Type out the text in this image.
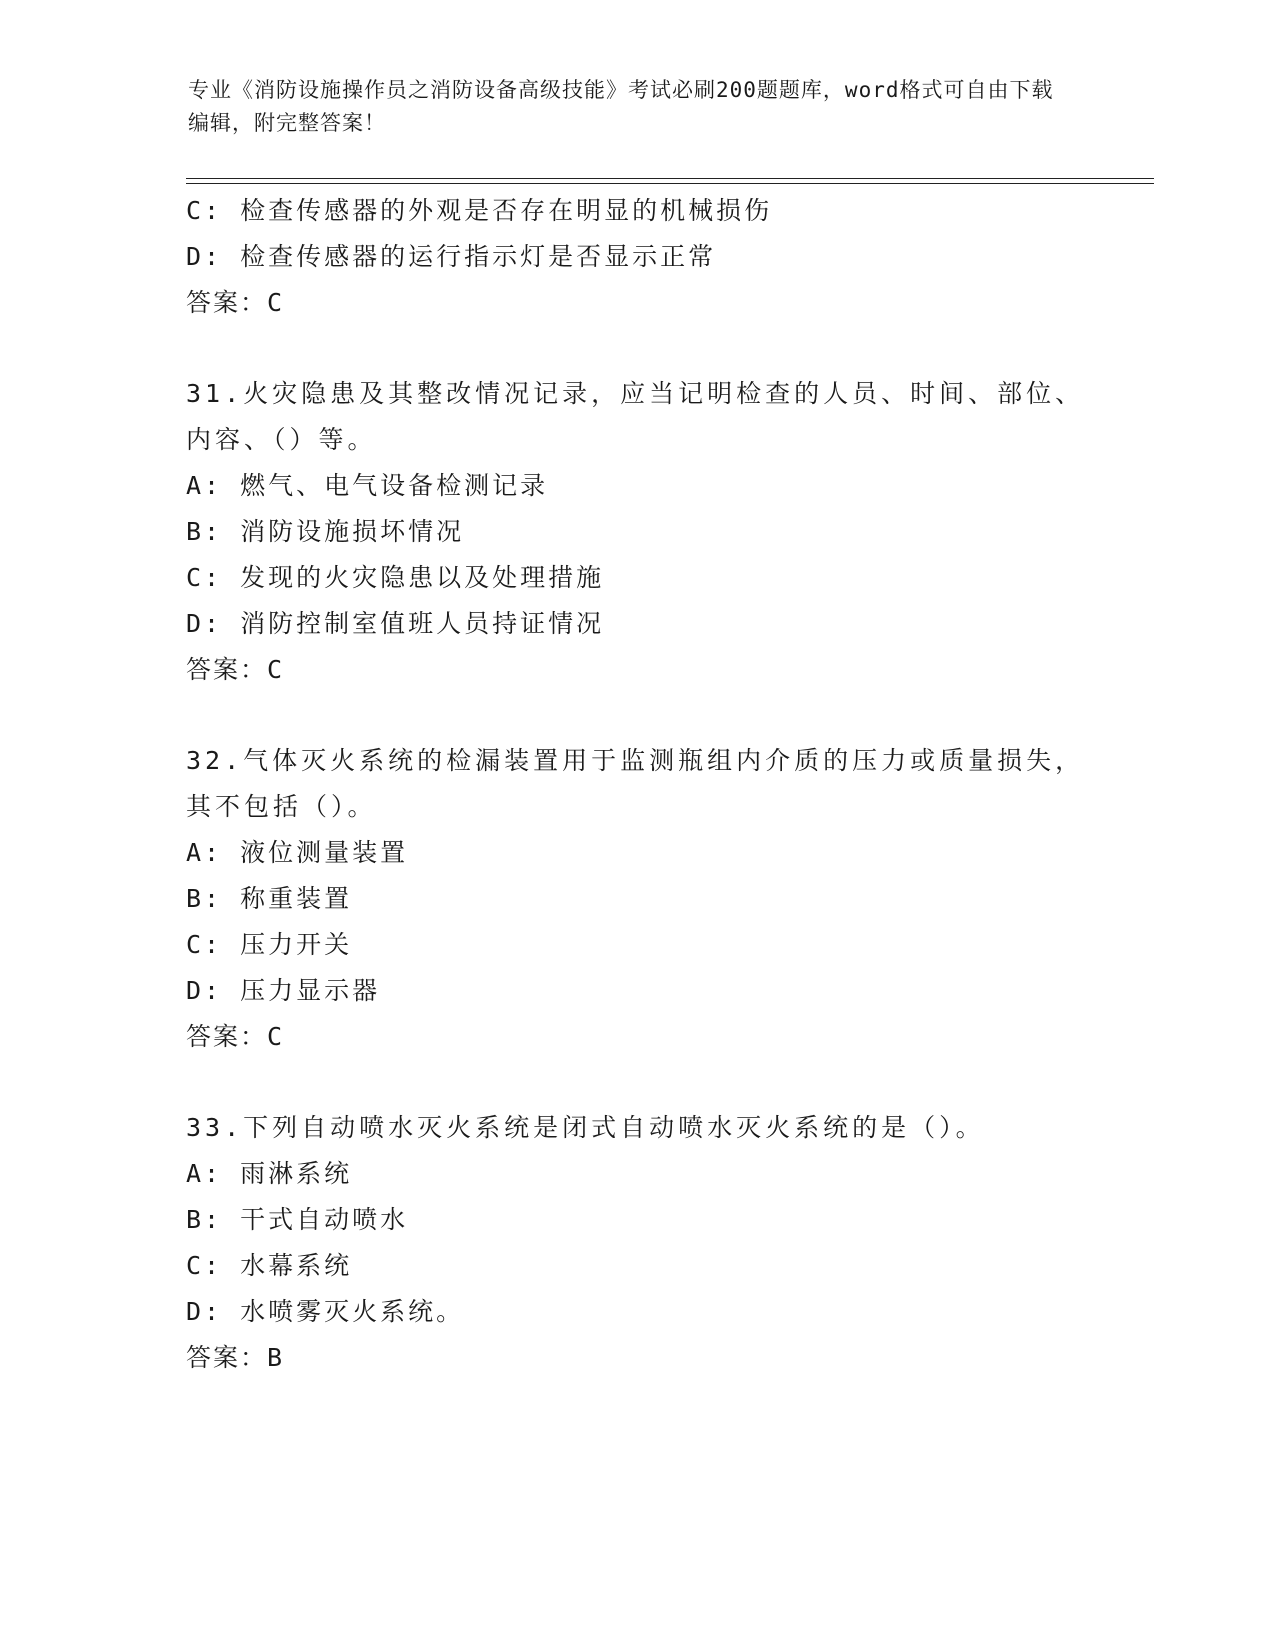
专业《消防设施操作员之消防设备高级技能》考试必刷200题题库，word格式可自由下载编辑，附完整答案！
C: 检查传感器的外观是否存在明显的机械损伤
D: 检查传感器的运行指示灯是否显示正常
答案：C
31.火灾隐患及其整改情况记录，应当记明检查的人员、时间、部位、内容、（）等。
A: 燃气、电气设备检测记录
B: 消防设施损坏情况
C: 发现的火灾隐患以及处理措施
D: 消防控制室值班人员持证情况
答案：C
32.气体灭火系统的检漏装置用于监测瓶组内介质的压力或质量损失，其不包括（）。
A: 液位测量装置
B: 称重装置
C: 压力开关
D: 压力显示器
答案：C
33.下列自动喷水灭火系统是闭式自动喷水灭火系统的是（）。
A: 雨淋系统
B: 干式自动喷水
C: 水幕系统
D: 水喷雾灭火系统。
答案：B
